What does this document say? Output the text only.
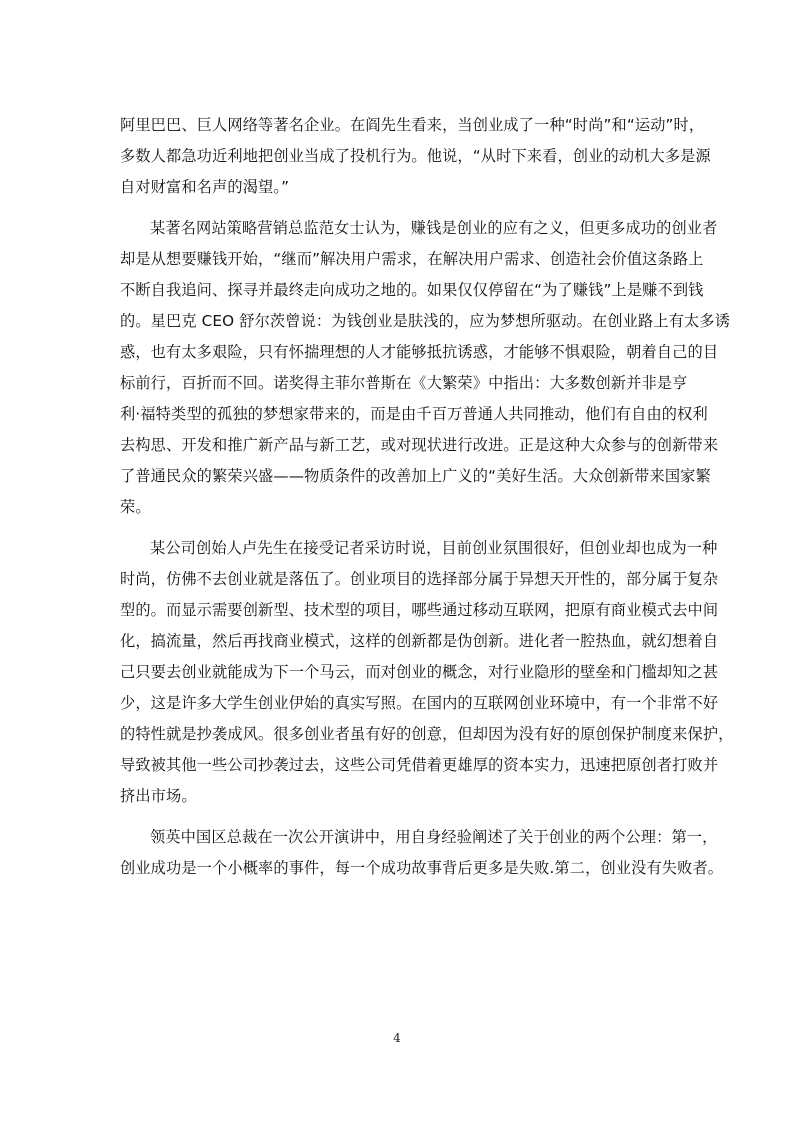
阿里巴巴、巨人网络等著名企业。在阎先生看来，当创业成了一种“时尚”和“运动”时，
多数人都急功近利地把创业当成了投机行为。他说，“从时下来看，创业的动机大多是源
自对财富和名声的渴望。”
某著名网站策略营销总监范女士认为，赚钱是创业的应有之义，但更多成功的创业者
却是从想要赚钱开始，“继而”解决用户需求，在解决用户需求、创造社会价值这条路上
不断自我追问、探寻并最终走向成功之地的。如果仅仅停留在“为了赚钱”上是赚不到钱
的。星巴克 CEO 舒尔茨曾说：为钱创业是肤浅的，应为梦想所驱动。在创业路上有太多诱
惑，也有太多艰险，只有怀揣理想的人才能够抵抗诱惑，才能够不惧艰险，朝着自己的目
标前行，百折而不回。诺奖得主菲尔普斯在《大繁荣》中指出：大多数创新并非是亨
利·福特类型的孤独的梦想家带来的，而是由千百万普通人共同推动，他们有自由的权利
去构思、开发和推广新产品与新工艺，或对现状进行改进。正是这种大众参与的创新带来
了普通民众的繁荣兴盛——物质条件的改善加上广义的“美好生活。大众创新带来国家繁
荣。
某公司创始人卢先生在接受记者采访时说，目前创业氛围很好，但创业却也成为一种
时尚，仿佛不去创业就是落伍了。创业项目的选择部分属于异想天开性的，部分属于复杂
型的。而显示需要创新型、技术型的项目，哪些通过移动互联网，把原有商业模式去中间
化，搞流量，然后再找商业模式，这样的创新都是伪创新。进化者一腔热血，就幻想着自
己只要去创业就能成为下一个马云，而对创业的概念，对行业隐形的壁垒和门槛却知之甚
少，这是许多大学生创业伊始的真实写照。在国内的互联网创业环境中，有一个非常不好
的特性就是抄袭成风。很多创业者虽有好的创意，但却因为没有好的原创保护制度来保护，
导致被其他一些公司抄袭过去，这些公司凭借着更雄厚的资本实力，迅速把原创者打败并
挤出市场。
领英中国区总裁在一次公开演讲中，用自身经验阐述了关于创业的两个公理：第一，
创业成功是一个小概率的事件，每一个成功故事背后更多是失败.第二，创业没有失败者。
4
